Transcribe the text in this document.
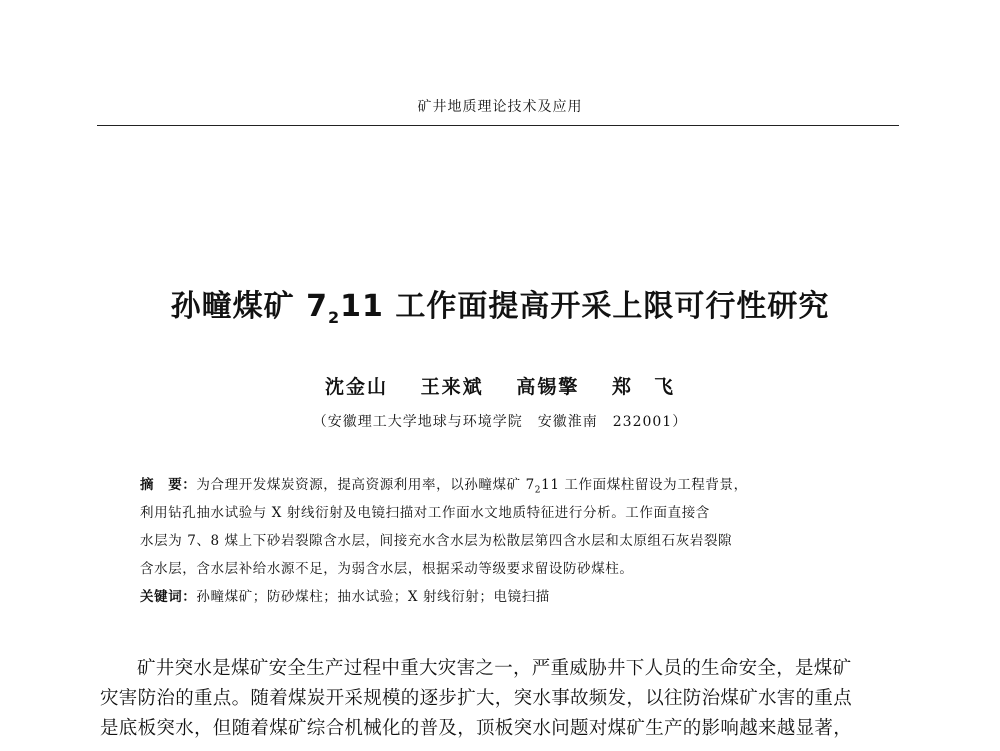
矿井地质理论技术及应用
孙疃煤矿 $7_211$ 工作面提高开采上限可行性研究
沈金山 王来斌 高锡擎 郑　飞
（安徽理工大学地球与环境学院　安徽淮南　232001）
摘　要：为合理开发煤炭资源，提高资源利用率，以孙疃煤矿 $7_211$ 工作面煤柱留设为工程背景，
利用钻孔抽水试验与 X 射线衍射及电镜扫描对工作面水文地质特征进行分析。工作面直接含
水层为 7、8 煤上下砂岩裂隙含水层，间接充水含水层为松散层第四含水层和太原组石灰岩裂隙
含水层，含水层补给水源不足，为弱含水层，根据采动等级要求留设防砂煤柱。
关键词：孙疃煤矿；防砂煤柱；抽水试验；X 射线衍射；电镜扫描
矿井突水是煤矿安全生产过程中重大灾害之一，严重威胁井下人员的生命安全，是煤矿
灾害防治的重点。随着煤炭开采规模的逐步扩大，突水事故频发，以往防治煤矿水害的重点
是底板突水，但随着煤矿综合机械化的普及，顶板突水问题对煤矿生产的影响越来越显著，
